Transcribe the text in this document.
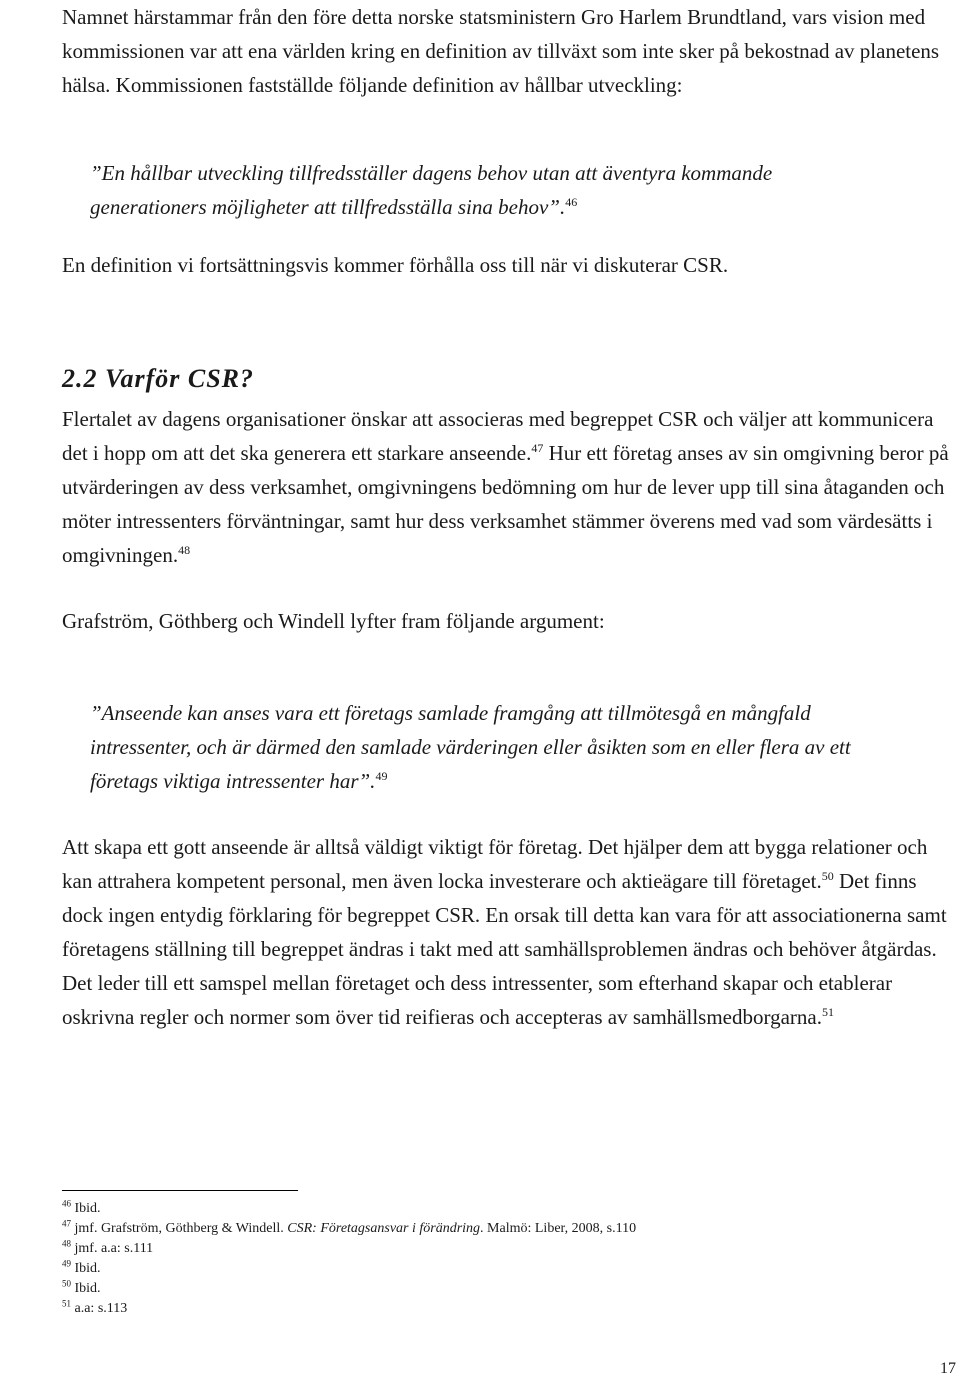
Namnet härstammar från den före detta norske statsministern Gro Harlem Brundtland, vars vision med kommissionen var att ena världen kring en definition av tillväxt som inte sker på bekostnad av planetens hälsa. Kommissionen fastställde följande definition av hållbar utveckling:

”En hållbar utveckling tillfredsställer dagens behov utan att äventyra kommande generationers möjligheter att tillfredsställa sina behov”.$^{46}$

En definition vi fortsättningsvis kommer förhålla oss till när vi diskuterar CSR.

2.2 Varför CSR?

Flertalet av dagens organisationer önskar att associeras med begreppet CSR och väljer att kommunicera det i hopp om att det ska generera ett starkare anseende.$^{47}$ Hur ett företag anses av sin omgivning beror på utvärderingen av dess verksamhet, omgivningens bedömning om hur de lever upp till sina åtaganden och möter intressenters förväntningar, samt hur dess verksamhet stämmer överens med vad som värdesätts i omgivningen.$^{48}$

Grafström, Göthberg och Windell lyfter fram följande argument:

”Anseende kan anses vara ett företags samlade framgång att tillmötesgå en mångfald intressenter, och är därmed den samlade värderingen eller åsikten som en eller flera av ett företags viktiga intressenter har”.$^{49}$

Att skapa ett gott anseende är alltså väldigt viktigt för företag. Det hjälper dem att bygga relationer och kan attrahera kompetent personal, men även locka investerare och aktieägare till företaget.$^{50}$ Det finns dock ingen entydig förklaring för begreppet CSR. En orsak till detta kan vara för att associationerna samt företagens ställning till begreppet ändras i takt med att samhällsproblemen ändras och behöver åtgärdas. Det leder till ett samspel mellan företaget och dess intressenter, som efterhand skapar och etablerar oskrivna regler och normer som över tid reifieras och accepteras av samhällsmedborgarna.$^{51}$

$^{46}$ Ibid.

$^{47}$ jmf. Grafström, Göthberg & Windell. CSR: Företagsansvar i förändring. Malmö: Liber, 2008, s.110

$^{48}$ jmf. a.a: s.111

$^{49}$ Ibid.

$^{50}$ Ibid.

$^{51}$ a.a: s.113

17
